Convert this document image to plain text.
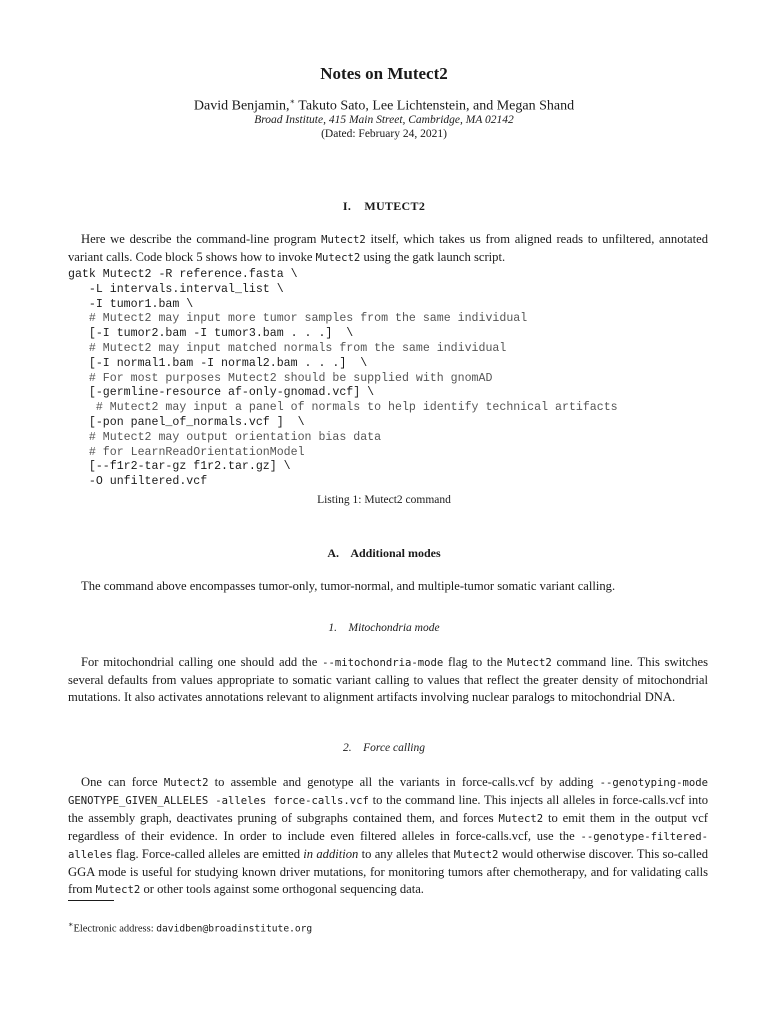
Notes on Mutect2
David Benjamin,∗ Takuto Sato, Lee Lichtenstein, and Megan Shand
Broad Institute, 415 Main Street, Cambridge, MA 02142
(Dated: February 24, 2021)
I.    MUTECT2
Here we describe the command-line program Mutect2 itself, which takes us from aligned reads to unfiltered, annotated variant calls. Code block 5 shows how to invoke Mutect2 using the gatk launch script.
gatk Mutect2 -R reference.fasta \
-L intervals.interval_list \
-I tumor1.bam \
# Mutect2 may input more tumor samples from the same individual
[-I tumor2.bam -I tumor3.bam . . .]  \
# Mutect2 may input matched normals from the same individual
[-I normal1.bam -I normal2.bam . . .]  \
# For most purposes Mutect2 should be supplied with gnomAD
[-germline-resource af-only-gnomad.vcf] \
# Mutect2 may input a panel of normals to help identify technical artifacts
[-pon panel_of_normals.vcf ]  \
# Mutect2 may output orientation bias data
# for LearnReadOrientationModel
[--f1r2-tar-gz f1r2.tar.gz] \
-O unfiltered.vcf
Listing 1: Mutect2 command
A.    Additional modes
The command above encompasses tumor-only, tumor-normal, and multiple-tumor somatic variant calling.
1.    Mitochondria mode
For mitochondrial calling one should add the --mitochondria-mode flag to the Mutect2 command line. This switches several defaults from values appropriate to somatic variant calling to values that reflect the greater density of mitochondrial mutations. It also activates annotations relevant to alignment artifacts involving nuclear paralogs to mitochondrial DNA.
2.    Force calling
One can force Mutect2 to assemble and genotype all the variants in force-calls.vcf by adding --genotyping-mode GENOTYPE_GIVEN_ALLELES -alleles force-calls.vcf to the command line. This injects all alleles in force-calls.vcf into the assembly graph, deactivates pruning of subgraphs contained them, and forces Mutect2 to emit them in the output vcf regardless of their evidence. In order to include even filtered alleles in force-calls.vcf, use the --genotype-filtered-alleles flag. Force-called alleles are emitted in addition to any alleles that Mutect2 would otherwise discover. This so-called GGA mode is useful for studying known driver mutations, for monitoring tumors after chemotherapy, and for validating calls from Mutect2 or other tools against some orthogonal sequencing data.
∗Electronic address: davidben@broadinstitute.org
